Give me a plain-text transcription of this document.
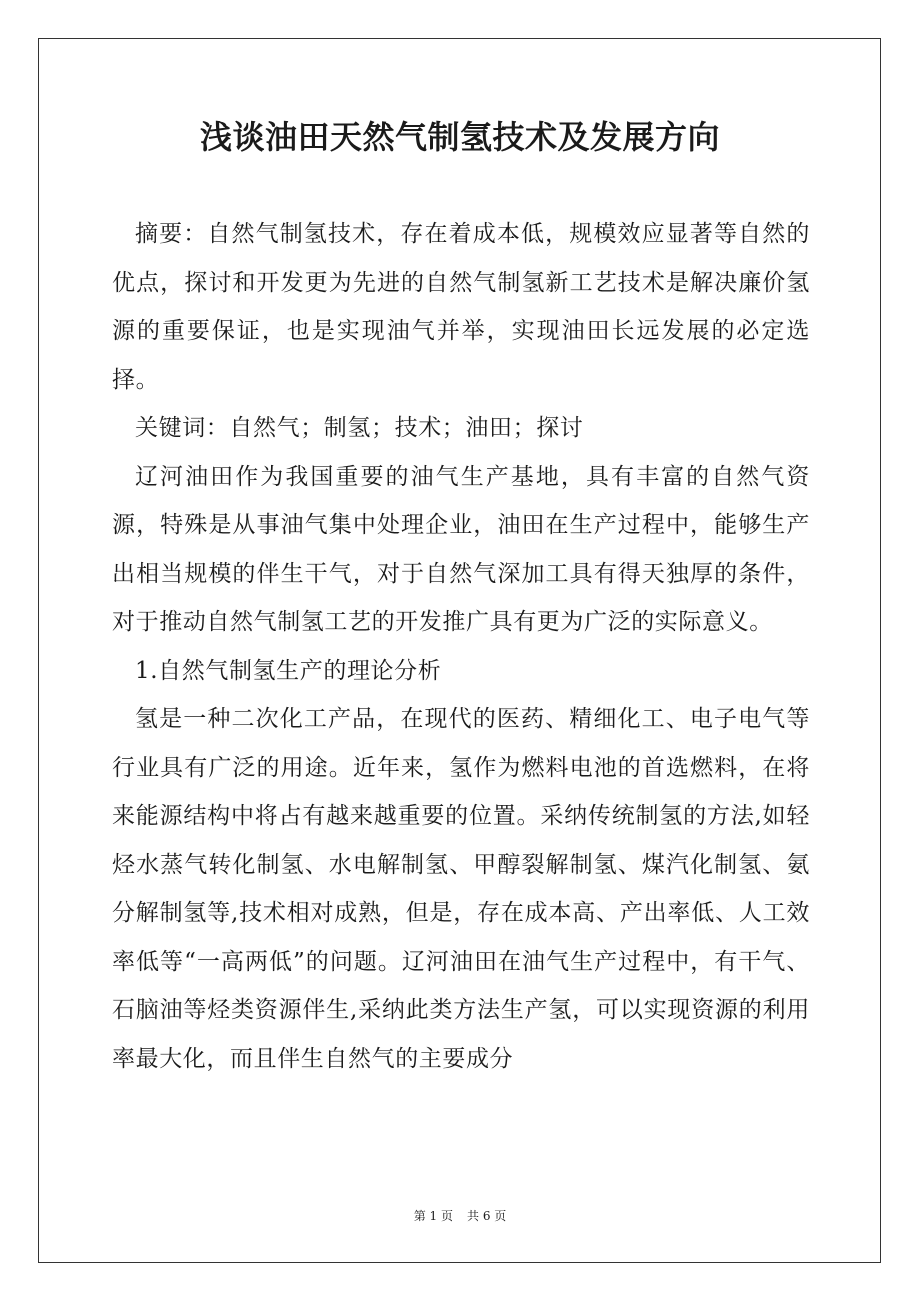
浅谈油田天然气制氢技术及发展方向

摘要：自然气制氢技术，存在着成本低，规模效应显著等自然的优点，探讨和开发更为先进的自然气制氢新工艺技术是解决廉价氢源的重要保证，也是实现油气并举，实现油田长远发展的必定选择。

关键词：自然气；制氢；技术；油田；探讨

辽河油田作为我国重要的油气生产基地，具有丰富的自然气资源，特殊是从事油气集中处理企业，油田在生产过程中，能够生产出相当规模的伴生干气，对于自然气深加工具有得天独厚的条件，对于推动自然气制氢工艺的开发推广具有更为广泛的实际意义。

1.自然气制氢生产的理论分析

氢是一种二次化工产品，在现代的医药、精细化工、电子电气等行业具有广泛的用途。近年来，氢作为燃料电池的首选燃料，在将来能源结构中将占有越来越重要的位置。采纳传统制氢的方法,如轻烃水蒸气转化制氢、水电解制氢、甲醇裂解制氢、煤汽化制氢、氨分解制氢等,技术相对成熟，但是，存在成本高、产出率低、人工效率低等“一高两低”的问题。辽河油田在油气生产过程中，有干气、石脑油等烃类资源伴生,采纳此类方法生产氢，可以实现资源的利用率最大化，而且伴生自然气的主要成分

第 1 页 共 6 页
